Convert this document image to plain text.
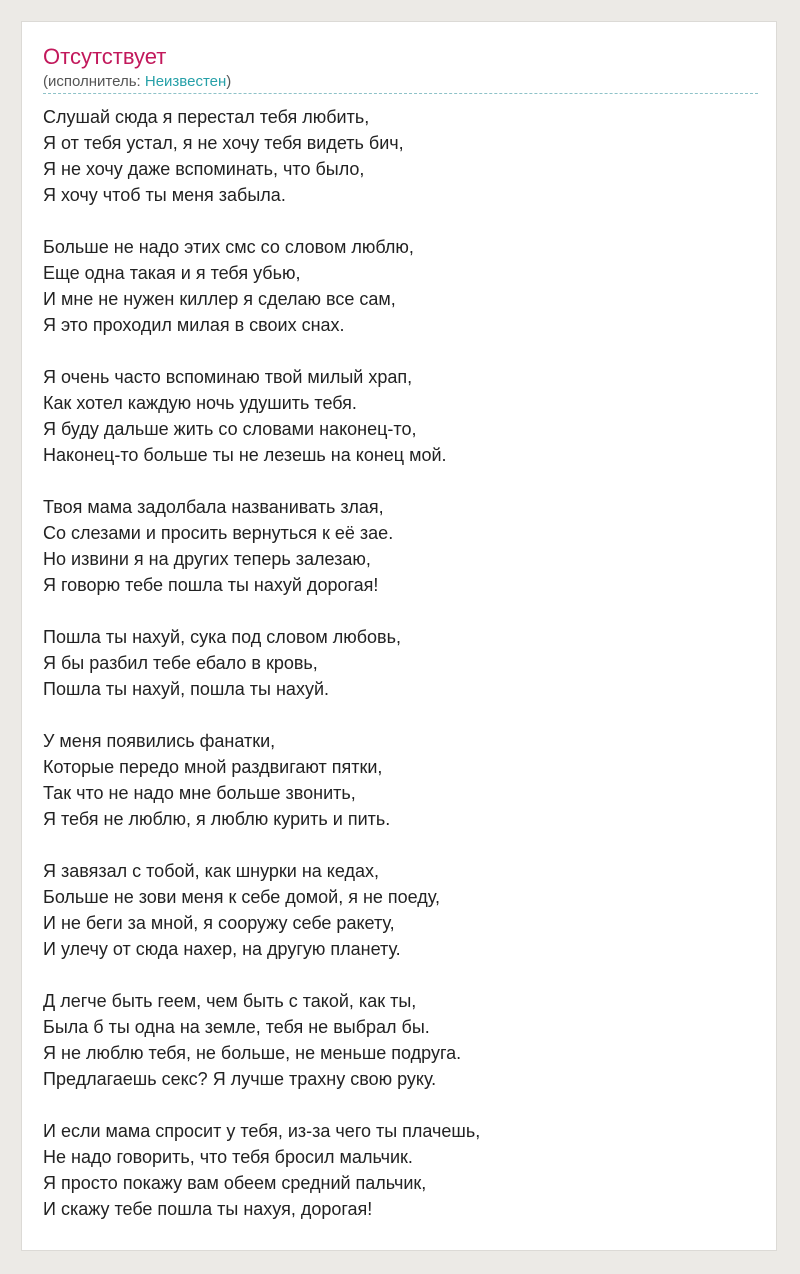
Отсутствует
(исполнитель: Неизвестен)
Слушай сюда я перестал тебя любить,
Я от тебя устал, я не хочу тебя видеть бич,
Я не хочу даже вспоминать, что было,
Я хочу чтоб ты меня забыла.
Больше не надо этих смс со словом люблю,
Еще одна такая и я тебя убью,
И мне не нужен киллер я сделаю все сам,
Я это проходил милая в своих снах.
Я очень часто вспоминаю твой милый храп,
Как хотел каждую ночь удушить тебя.
Я буду дальше жить со словами наконец-то,
Наконец-то больше ты не лезешь на конец мой.
Твоя мама задолбала названивать злая,
Со слезами и просить вернуться к её зае.
Но извини я на других теперь залезаю,
Я говорю тебе пошла ты нахуй дорогая!
Пошла ты нахуй, сука под словом любовь,
Я бы разбил тебе ебало в кровь,
Пошла ты нахуй, пошла ты нахуй.
У меня появились фанатки,
Которые передо мной раздвигают пятки,
Так что не надо мне больше звонить,
Я тебя не люблю, я люблю курить и пить.
Я завязал с тобой, как шнурки на кедах,
Больше не зови меня к себе домой, я не поеду,
И не беги за мной, я сооружу себе ракету,
И улечу от сюда нахер, на другую планету.
Д легче быть геем, чем быть с такой, как ты,
Была б ты одна на земле, тебя не выбрал бы.
Я не люблю тебя, не больше, не меньше подруга.
Предлагаешь секс? Я лучше трахну свою руку.
И если мама спросит у тебя, из-за чего ты плачешь,
Не надо говорить, что тебя бросил мальчик.
Я просто покажу вам обеем средний пальчик,
И скажу тебе пошла ты нахуя, дорогая!
